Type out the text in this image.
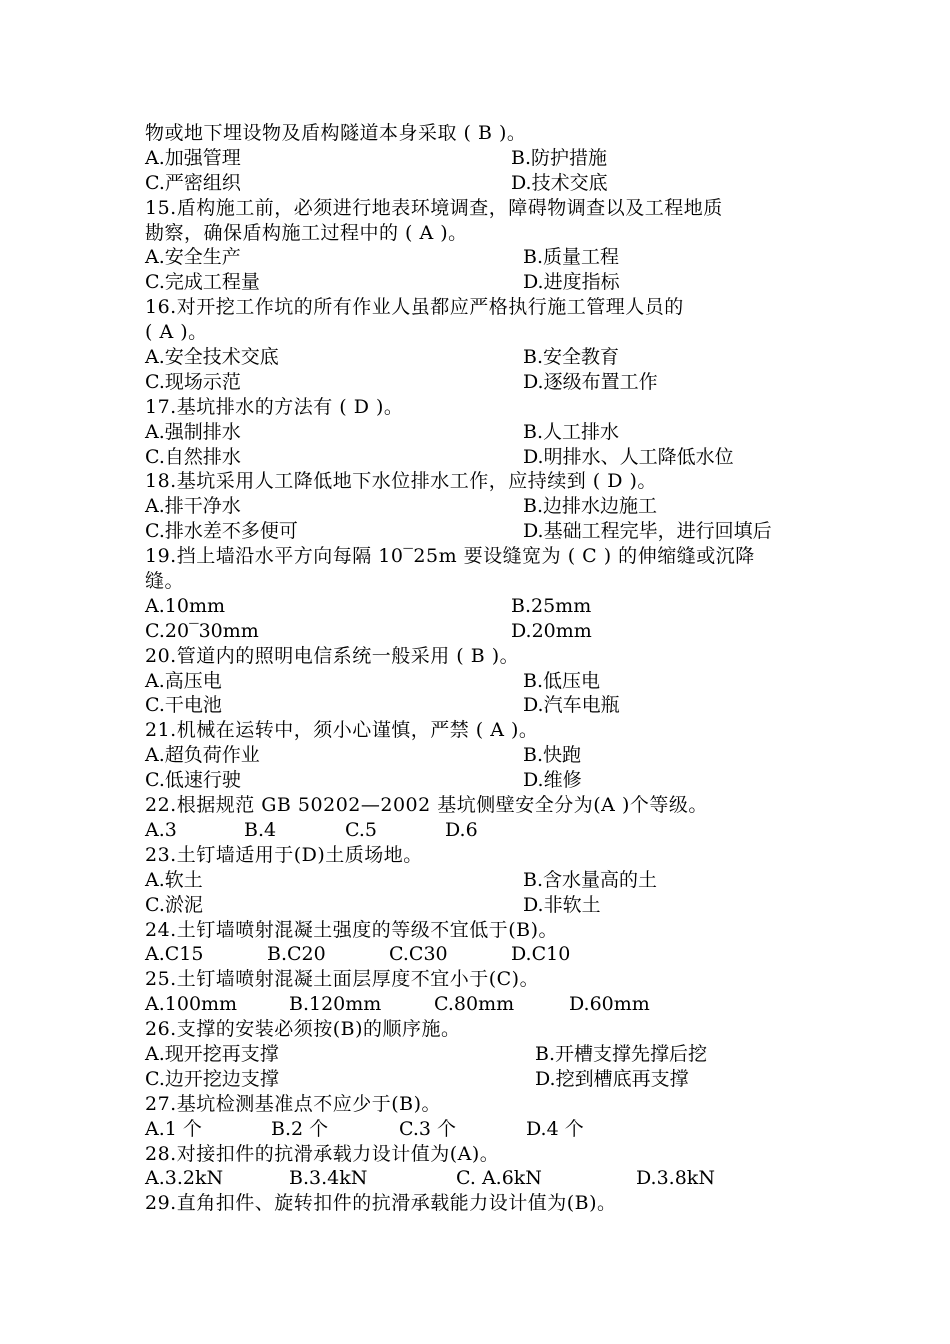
物或地下埋设物及盾构隧道本身采取 ( B )。
A.加强管理	B.防护措施
C.严密组织	D.技术交底
15.盾构施工前，必须进行地表环境调查，障碍物调查以及工程地质
勘察，确保盾构施工过程中的 ( A )。
A.安全生产	B.质量工程
C.完成工程量	D.进度指标
16.对开挖工作坑的所有作业人虽都应严格执行施工管理人员的
( A )。
A.安全技术交底	B.安全教育
C.现场示范	D.逐级布置工作
17.基坑排水的方法有 ( D )。
A.强制排水	B.人工排水
C.自然排水	D.明排水、人工降低水位
18.基坑采用人工降低地下水位排水工作，应持续到 ( D )。
A.排干净水	B.边排水边施工
C.排水差不多便可	D.基础工程完毕，进行回填后
19.挡上墙沿水平方向每隔 10‾25m 要设缝宽为 ( C ) 的伸缩缝或沉降
缝。
A.10mm	B.25mm
C.20‾30mm	D.20mm
20.管道内的照明电信系统一般采用 ( B )。
A.高压电	B.低压电
C.干电池	D.汽车电瓶
21.机械在运转中，须小心谨慎，严禁 ( A )。
A.超负荷作业	B.快跑
C.低速行驶	D.维修
22.根据规范 GB 50202—2002 基坑侧壁安全分为(A )个等级。
A.3	B.4	C.5	D.6
23.土钉墙适用于(D)土质场地。
A.软土	B.含水量高的土
C.淤泥	D.非软土
24.土钉墙喷射混凝土强度的等级不宜低于(B)。
A.C15	B.C20	C.C30	D.C10
25.土钉墙喷射混凝土面层厚度不宜小于(C)。
A.100mm	B.120mm	C.80mm	D.60mm
26.支撑的安装必须按(B)的顺序施。
A.现开挖再支撑	B.开槽支撑先撑后挖
C.边开挖边支撑	D.挖到槽底再支撑
27.基坑检测基准点不应少于(B)。
A.1 个	B.2 个	C.3 个	D.4 个
28.对接扣件的抗滑承载力设计值为(A)。
A.3.2kN	B.3.4kN	C. A.6kN	D.3.8kN
29.直角扣件、旋转扣件的抗滑承载能力设计值为(B)。
